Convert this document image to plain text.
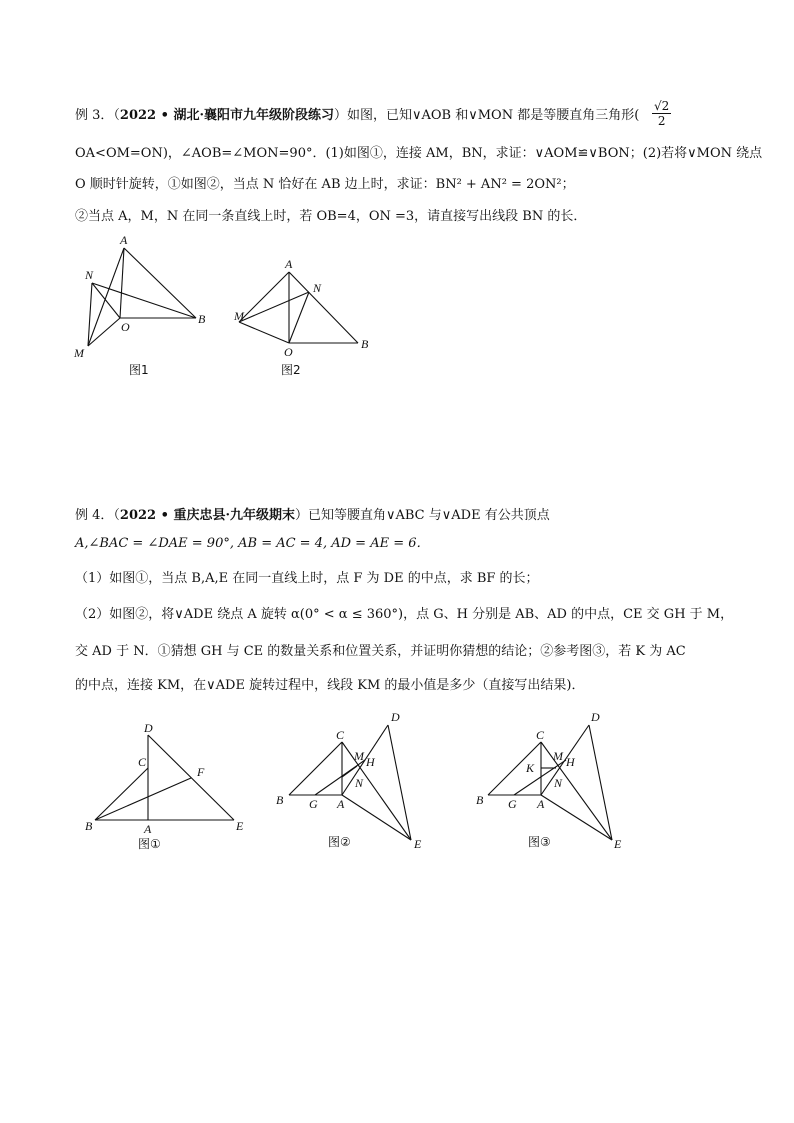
例 3．（2022 • 湖北·襄阳市九年级阶段练习）如图，已知∨AOB 和∨MON 都是等腰直角三角形( $\frac{√2}{2}$
OA<OM=ON)，∠AOB=∠MON=90°．(1)如图①，连接 AM，BN，求证：∨AOM≌∨BON；(2)若将∨MON 绕点
O 顺时针旋转，①如图②，当点 N 恰好在 AB 边上时，求证：BN² + AN² = 2ON²；
②当点 A，M，N 在同一条直线上时，若 OB=4，ON =3，请直接写出线段 BN 的长．
A
B
O
M
N
图1
A
B
O
M
N
图2
D
C
F
B	A	E
图①
C
D
M H
N
B G A
E
图②
C
D
M H
K
N
B G A
E
图③
例 4．（2022 • 重庆忠县·九年级期末）已知等腰直角∨ABC 与∨ADE 有公共顶点
A,∠BAC = ∠DAE = 90°, AB = AC = 4, AD = AE = 6．
（1）如图①，当点 B,A,E 在同一直线上时，点 F 为 DE 的中点，求 BF 的长；
（2）如图②，将∨ADE 绕点 A 旋转 α(0° < α ≤ 360°)，点 G、H 分别是 AB、AD 的中点，CE 交 GH 于 M，
交 AD 于 N．①猜想 GH 与 CE 的数量关系和位置关系，并证明你猜想的结论；②参考图③，若 K 为 AC
的中点，连接 KM，在∨ADE 旋转过程中，线段 KM 的最小值是多少（直接写出结果)．
